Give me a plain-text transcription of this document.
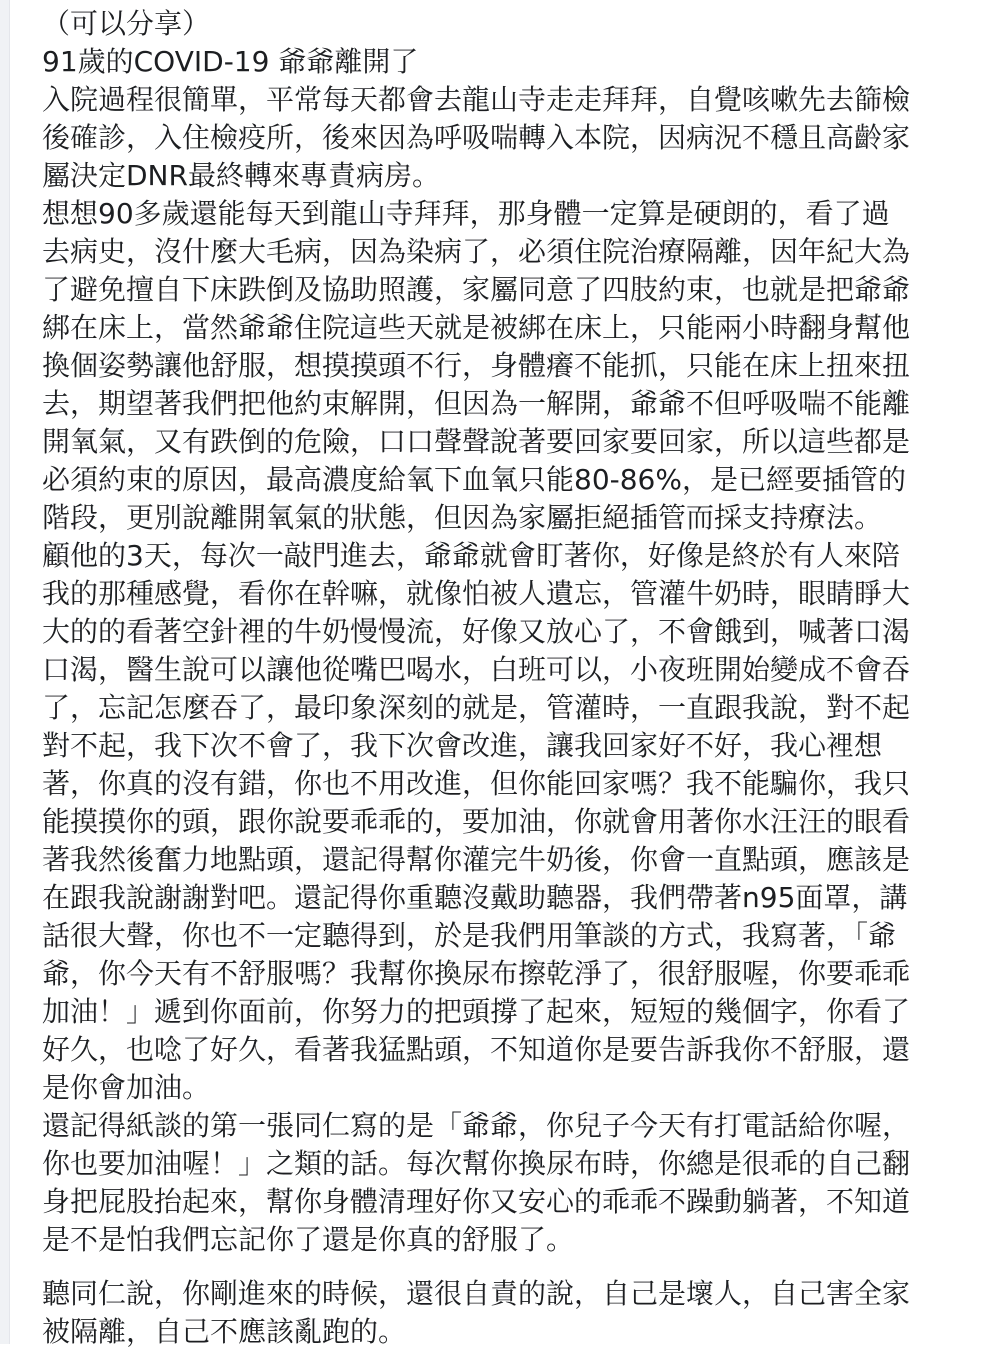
（可以分享）
91歲的COVID-19 爺爺離開了
入院過程很簡單，平常每天都會去龍山寺走走拜拜，自覺咳嗽先去篩檢
後確診，入住檢疫所，後來因為呼吸喘轉入本院，因病況不穩且高齡家
屬決定DNR最終轉來專責病房。
想想90多歲還能每天到龍山寺拜拜，那身體一定算是硬朗的，看了過
去病史，沒什麼大毛病，因為染病了，必須住院治療隔離，因年紀大為
了避免擅自下床跌倒及協助照護，家屬同意了四肢約束，也就是把爺爺
綁在床上，當然爺爺住院這些天就是被綁在床上，只能兩小時翻身幫他
換個姿勢讓他舒服，想摸摸頭不行，身體癢不能抓，只能在床上扭來扭
去，期望著我們把他約束解開，但因為一解開，爺爺不但呼吸喘不能離
開氧氣，又有跌倒的危險，口口聲聲說著要回家要回家，所以這些都是
必須約束的原因，最高濃度給氧下血氧只能80-86%，是已經要插管的
階段，更別說離開氧氣的狀態，但因為家屬拒絕插管而採支持療法。
顧他的3天，每次一敲門進去，爺爺就會盯著你，好像是終於有人來陪
我的那種感覺，看你在幹嘛，就像怕被人遺忘，管灌牛奶時，眼睛睜大
大的的看著空針裡的牛奶慢慢流，好像又放心了，不會餓到，喊著口渴
口渴，醫生說可以讓他從嘴巴喝水，白班可以，小夜班開始變成不會吞
了，忘記怎麼吞了，最印象深刻的就是，管灌時，一直跟我說，對不起
對不起，我下次不會了，我下次會改進，讓我回家好不好，我心裡想
著，你真的沒有錯，你也不用改進，但你能回家嗎？我不能騙你，我只
能摸摸你的頭，跟你說要乖乖的，要加油，你就會用著你水汪汪的眼看
著我然後奮力地點頭，還記得幫你灌完牛奶後，你會一直點頭，應該是
在跟我說謝謝對吧。還記得你重聽沒戴助聽器，我們帶著n95面罩，講
話很大聲，你也不一定聽得到，於是我們用筆談的方式，我寫著，「爺
爺，你今天有不舒服嗎？我幫你換尿布擦乾淨了，很舒服喔，你要乖乖
加油！」遞到你面前，你努力的把頭撐了起來，短短的幾個字，你看了
好久，也唸了好久，看著我猛點頭，不知道你是要告訴我你不舒服，還
是你會加油。
還記得紙談的第一張同仁寫的是「爺爺，你兒子今天有打電話給你喔，
你也要加油喔！」之類的話。每次幫你換尿布時，你總是很乖的自己翻
身把屁股抬起來，幫你身體清理好你又安心的乖乖不躁動躺著，不知道
是不是怕我們忘記你了還是你真的舒服了。
聽同仁說，你剛進來的時候，還很自責的說，自己是壞人，自己害全家
被隔離，自己不應該亂跑的。
